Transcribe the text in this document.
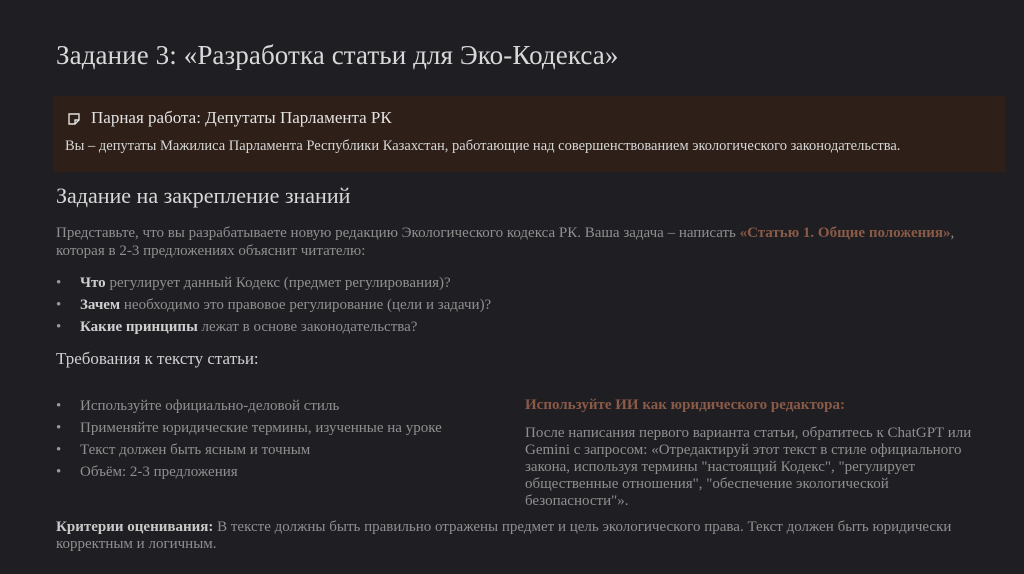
Задание 3: «Разработка статьи для Эко-Кодекса»
Парная работа: Депутаты Парламента РК
Вы – депутаты Мажилиса Парламента Республики Казахстан, работающие над совершенствованием экологического законодательства.
Задание на закрепление знаний
Представьте, что вы разрабатываете новую редакцию Экологического кодекса РК. Ваша задача – написать «Статью 1. Общие положения», которая в 2-3 предложениях объяснит читателю:
• Что регулирует данный Кодекс (предмет регулирования)?
• Зачем необходимо это правовое регулирование (цели и задачи)?
• Какие принципы лежат в основе законодательства?
Требования к тексту статьи:
• Используйте официально-деловой стиль
• Применяйте юридические термины, изученные на уроке
• Текст должен быть ясным и точным
• Объём: 2-3 предложения
Используйте ИИ как юридического редактора:
После написания первого варианта статьи, обратитесь к ChatGPT или Gemini с запросом: «Отредактируй этот текст в стиле официального закона, используя термины "настоящий Кодекс", "регулирует общественные отношения", "обеспечение экологической безопасности"».
Критерии оценивания: В тексте должны быть правильно отражены предмет и цель экологического права. Текст должен быть юридически корректным и логичным.
